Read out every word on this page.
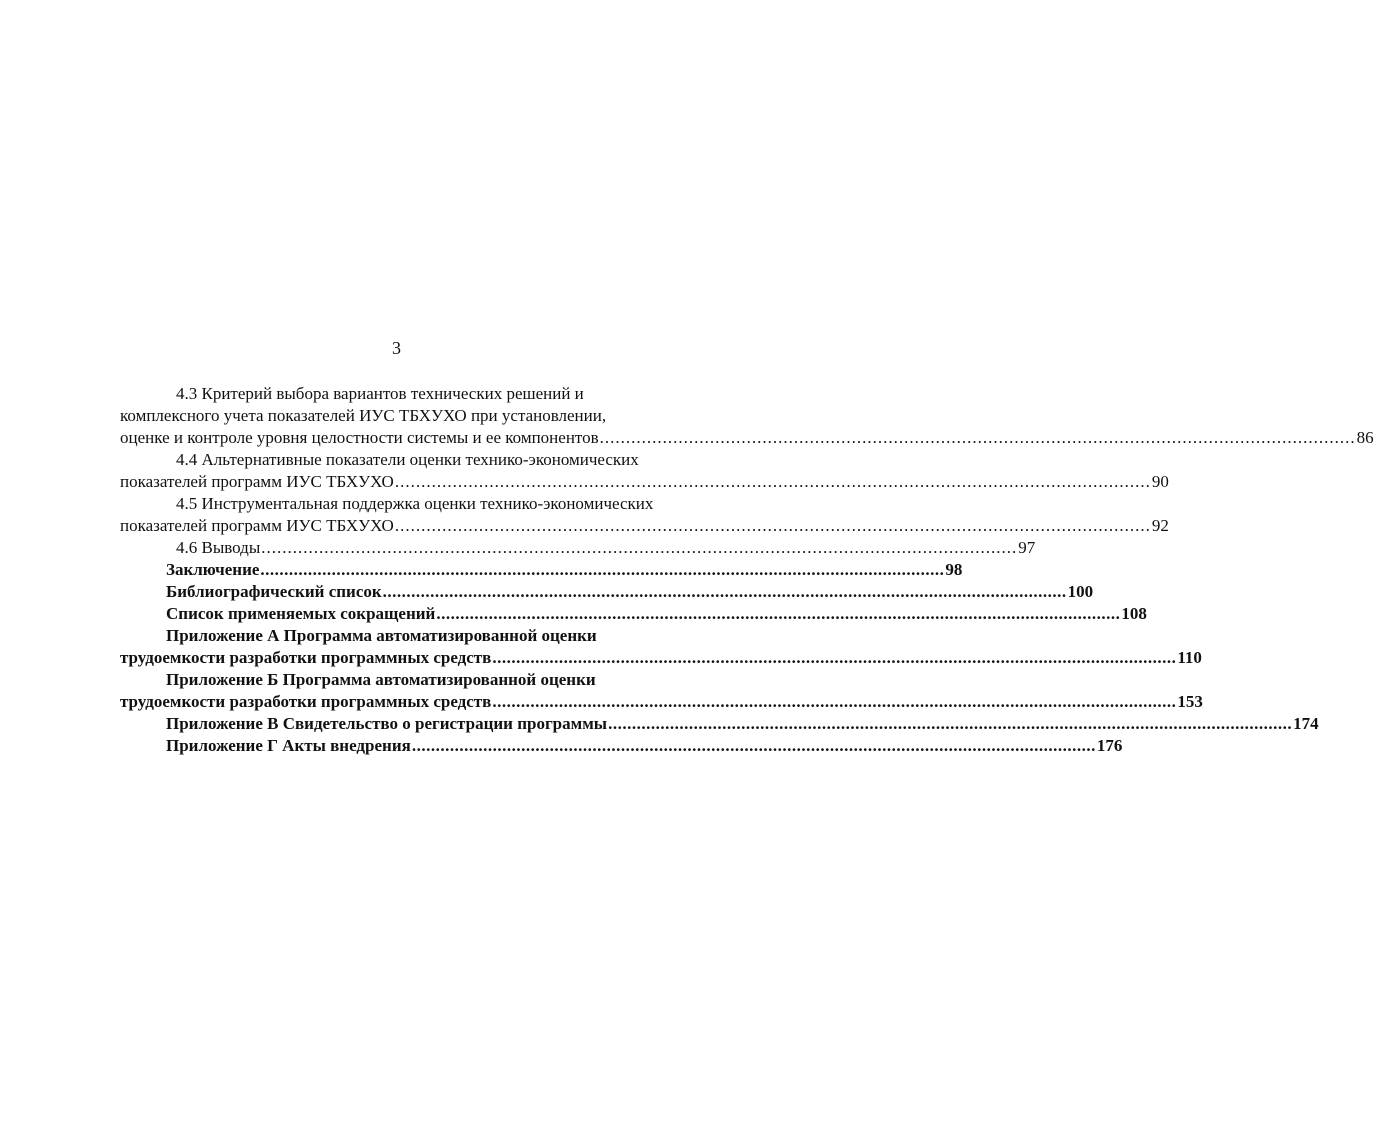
3
4.3 Критерий выбора вариантов технических решений и
комплексного учета показателей ИУС ТБХУХО при установлении,
оценке и контроле уровня целостности системы и ее компонентов ................................................................................................................................................ 86
4.4 Альтернативные показатели оценки технико-экономических
показателей программ ИУС ТБХУХО ................................................................................................................................................ 90
4.5 Инструментальная поддержка оценки технико-экономических
показателей программ ИУС ТБХУХО ................................................................................................................................................ 92
4.6 Выводы ................................................................................................................................................ 97
Заключение ................................................................................................................................................ 98
Библиографический список ................................................................................................................................................ 100
Список применяемых сокращений ................................................................................................................................................ 108
Приложение А Программа автоматизированной оценки
трудоемкости разработки программных средств ................................................................................................................................................ 110
Приложение Б Программа автоматизированной оценки
трудоемкости разработки программных средств ................................................................................................................................................ 153
Приложение В Свидетельство о регистрации программы ................................................................................................................................................ 174
Приложение Г Акты внедрения ................................................................................................................................................ 176
